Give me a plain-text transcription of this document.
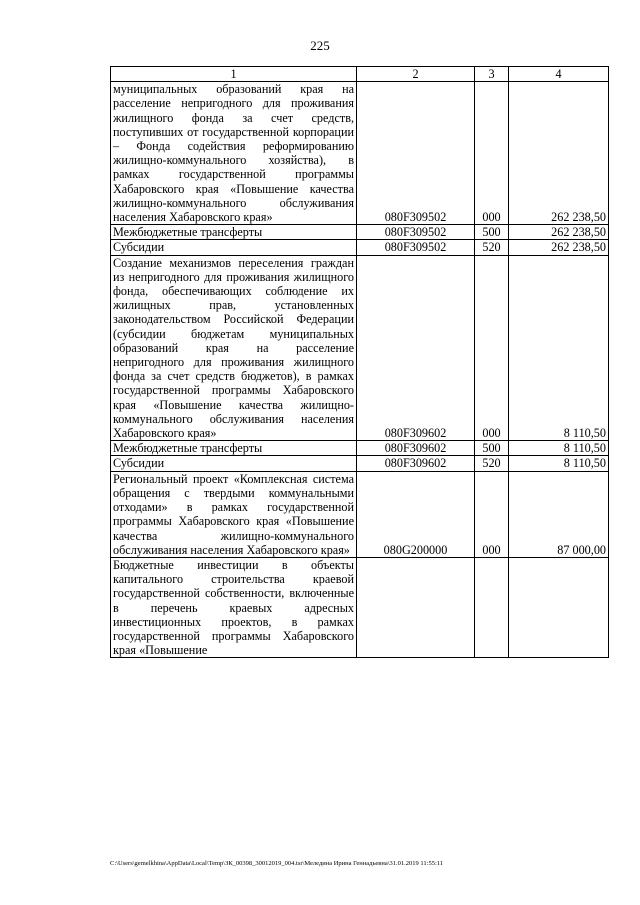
225
1	2	3	4
муниципальных образований края на расселение непригодного для проживания жилищного фонда за счет средств, поступивших от государственной корпорации – Фонда содействия реформированию жилищно-коммунального хозяйства), в рамках государственной программы Хабаровского края «Повышение качества жилищно-коммунального обслуживания населения Хабаровского края»	080F309502	000	262 238,50
Межбюджетные трансферты	080F309502	500	262 238,50
Субсидии	080F309502	520	262 238,50
Создание механизмов переселения граждан из непригодного для проживания жилищного фонда, обеспечивающих соблюдение их жилищных прав, установленных законодательством Российской Федерации (субсидии бюджетам муниципальных образований края на расселение непригодного для проживания жилищного фонда за счет средств бюджетов), в рамках государственной программы Хабаровского края «Повышение качества жилищно-коммунального обслуживания населения Хабаровского края»	080F309602	000	8 110,50
Межбюджетные трансферты	080F309602	500	8 110,50
Субсидии	080F309602	520	8 110,50
Региональный проект «Комплексная система обращения с твердыми коммунальными отходами» в рамках государственной программы Хабаровского края «Повышение качества жилищно-коммунального обслуживания населения Хабаровского края»	080G200000	000	87 000,00
Бюджетные инвестиции в объекты капитального строительства краевой государственной собственности, включенные в перечень краевых адресных инвестиционных проектов, в рамках государственной программы Хабаровского края «Повышение			
C:\Users\gemelkhina\AppData\Local\Temp\ЗК_00398_30012019_004.tsr\Меледина Ирина Геннадьевна\31.01.2019 11:55:11
